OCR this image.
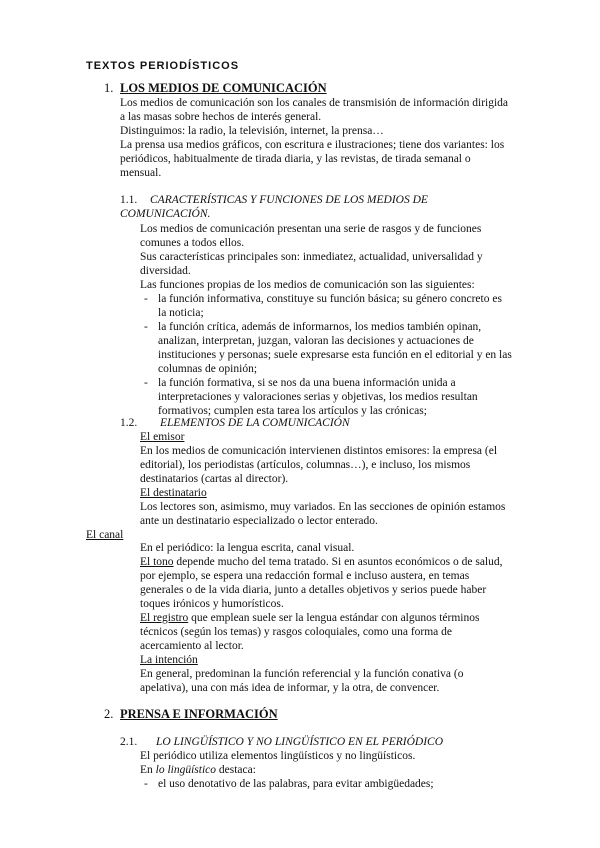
TEXTOS PERIODÍSTICOS
1. LOS MEDIOS DE COMUNICACIÓN

Los medios de comunicación son los canales de transmisión de información dirigida a las masas sobre hechos de interés general.

Distinguimos: la radio, la televisión, internet, la prensa…

La prensa usa medios gráficos, con escritura e ilustraciones; tiene dos variantes: los periódicos, habitualmente de tirada diaria, y las revistas, de tirada semanal o mensual.

1.1. CARACTERÍSTICAS Y FUNCIONES DE LOS MEDIOS DE COMUNICACIÓN.

Los medios de comunicación presentan una serie de rasgos y de funciones comunes a todos ellos.

Sus características principales son: inmediatez, actualidad, universalidad y diversidad.

Las funciones propias de los medios de comunicación son las siguientes:

- la función informativa, constituye su función básica; su género concreto es la noticia;
- la función crítica, además de informarnos, los medios también opinan, analizan, interpretan, juzgan, valoran las decisiones y actuaciones de instituciones y personas; suele expresarse esta función en el editorial y en las columnas de opinión;
- la función formativa, si se nos da una buena información unida a interpretaciones y valoraciones serias y objetivas, los medios resultan formativos; cumplen esta tarea los artículos y las crónicas;
1.2. ELEMENTOS DE LA COMUNICACIÓN

El emisor

En los medios de comunicación intervienen distintos emisores: la empresa (el editorial), los periodistas (artículos, columnas…), e incluso, los mismos destinatarios (cartas al director).

El destinatario

Los lectores son, asimismo, muy variados. En las secciones de opinión estamos ante un destinatario especializado o lector enterado.

El canal

En el periódico: la lengua escrita, canal visual.

El tono depende mucho del tema tratado. Si en asuntos económicos o de salud, por ejemplo, se espera una redacción formal e incluso austera, en temas generales o de la vida diaria, junto a detalles objetivos y serios puede haber toques irónicos y humorísticos.

El registro que emplean suele ser la lengua estándar con algunos términos técnicos (según los temas) y rasgos coloquiales, como una forma de acercamiento al lector.

La intención

En general, predominan la función referencial y la función conativa (o apelativa), una con más idea de informar, y la otra, de convencer.

2. PRENSA E INFORMACIÓN
2.1. LO LINGÜÍSTICO Y NO LINGÜÍSTICO EN EL PERIÓDICO

El periódico utiliza elementos lingüísticos y no lingüísticos.

En lo lingüístico destaca:

- el uso denotativo de las palabras, para evitar ambigüedades;
